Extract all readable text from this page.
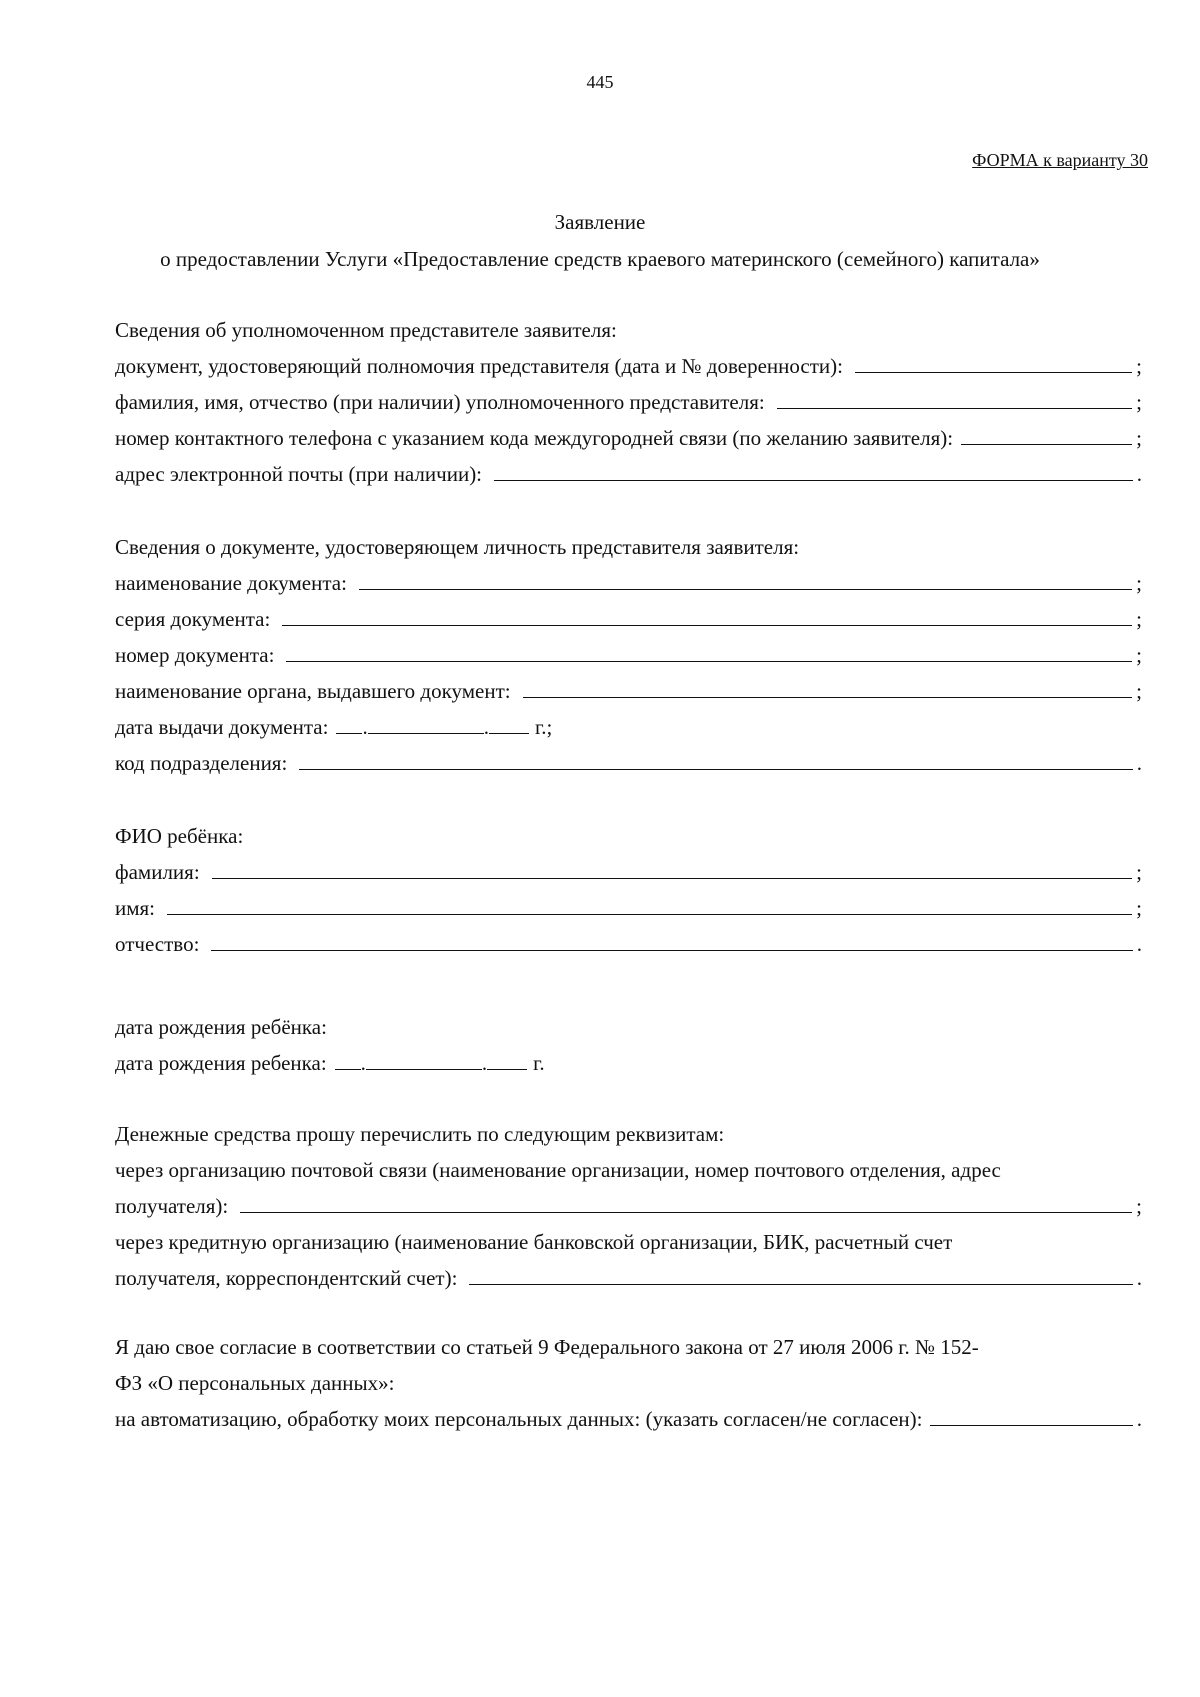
445
ФОРМА к варианту 30
Заявление
о предоставлении Услуги «Предоставление средств краевого материнского (семейного) капитала»
Сведения об уполномоченном представителе заявителя:
документ, удостоверяющий полномочия представителя (дата и № доверенности):	;
фамилия, имя, отчество (при наличии) уполномоченного представителя:	;
номер контактного телефона с указанием кода междугородней связи (по желанию заявителя):	;
адрес электронной почты (при наличии):	.
Сведения о документе, удостоверяющем личность представителя заявителя:
наименование документа:	;
серия документа:	;
номер документа:	;
наименование органа, выдавшего документ:	;
дата выдачи документа: .	. г.;
код подразделения:	.
ФИО ребёнка:
фамилия:	;
имя:	;
отчество:	.
дата рождения ребёнка:
дата рождения ребенка: .	. г.
Денежные средства прошу перечислить по следующим реквизитам:
через организацию почтовой связи (наименование организации, номер почтового отделения, адрес
получателя):	;
через кредитную организацию (наименование банковской организации, БИК, расчетный счет
получателя, корреспондентский счет):	.
Я даю свое согласие в соответствии со статьей 9 Федерального закона от 27 июля 2006 г. № 152-
ФЗ «О персональных данных»:
на автоматизацию, обработку моих персональных данных: (указать согласен/не согласен):	.
